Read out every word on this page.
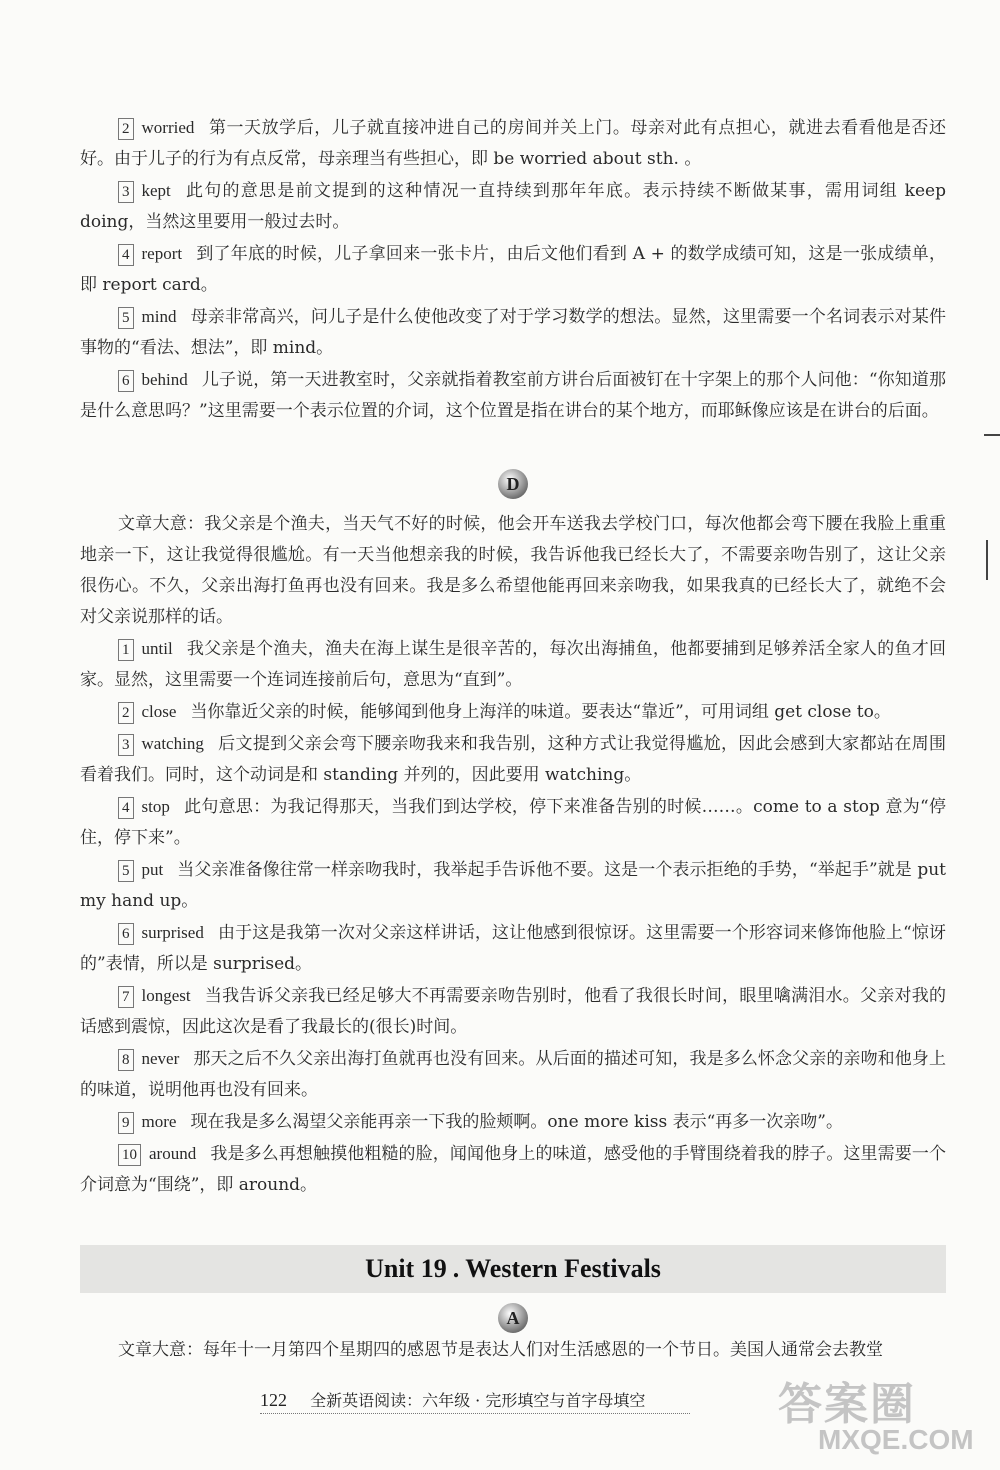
2 worried 第一天放学后，儿子就直接冲进自己的房间并关上门。母亲对此有点担心，就进去看看他是否还好。由于儿子的行为有点反常，母亲理当有些担心，即 be worried about sth. 。

3 kept 此句的意思是前文提到的这种情况一直持续到那年年底。表示持续不断做某事，需用词组 keep doing，当然这里要用一般过去时。

4 report 到了年底的时候，儿子拿回来一张卡片，由后文他们看到 A + 的数学成绩可知，这是一张成绩单，即 report card。

5 mind 母亲非常高兴，问儿子是什么使他改变了对于学习数学的想法。显然，这里需要一个名词表示对某件事物的“看法、想法”，即 mind。

6 behind 儿子说，第一天进教室时，父亲就指着教室前方讲台后面被钉在十字架上的那个人问他：“你知道那是什么意思吗？”这里需要一个表示位置的介词，这个位置是指在讲台的某个地方，而耶稣像应该是在讲台的后面。

D

文章大意：我父亲是个渔夫，当天气不好的时候，他会开车送我去学校门口，每次他都会弯下腰在我脸上重重地亲一下，这让我觉得很尴尬。有一天当他想亲我的时候，我告诉他我已经长大了，不需要亲吻告别了，这让父亲很伤心。不久，父亲出海打鱼再也没有回来。我是多么希望他能再回来亲吻我，如果我真的已经长大了，就绝不会对父亲说那样的话。

1 until 我父亲是个渔夫，渔夫在海上谋生是很辛苦的，每次出海捕鱼，他都要捕到足够养活全家人的鱼才回家。显然，这里需要一个连词连接前后句，意思为“直到”。

2 close 当你靠近父亲的时候，能够闻到他身上海洋的味道。要表达“靠近”，可用词组 get close to。

3 watching 后文提到父亲会弯下腰亲吻我来和我告别，这种方式让我觉得尴尬，因此会感到大家都站在周围看着我们。同时，这个动词是和 standing 并列的，因此要用 watching。

4 stop 此句意思：为我记得那天，当我们到达学校，停下来准备告别的时候……。come to a stop 意为“停住，停下来”。

5 put 当父亲准备像往常一样亲吻我时，我举起手告诉他不要。这是一个表示拒绝的手势，“举起手”就是 put my hand up。

6 surprised 由于这是我第一次对父亲这样讲话，这让他感到很惊讶。这里需要一个形容词来修饰他脸上“惊讶的”表情，所以是 surprised。

7 longest 当我告诉父亲我已经足够大不再需要亲吻告别时，他看了我很长时间，眼里噙满泪水。父亲对我的话感到震惊，因此这次是看了我最长的(很长)时间。

8 never 那天之后不久父亲出海打鱼就再也没有回来。从后面的描述可知，我是多么怀念父亲的亲吻和他身上的味道，说明他再也没有回来。

9 more 现在我是多么渴望父亲能再亲一下我的脸颊啊。one more kiss 表示“再多一次亲吻”。

10 around 我是多么再想触摸他粗糙的脸，闻闻他身上的味道，感受他的手臂围绕着我的脖子。这里需要一个介词意为“围绕”，即 around。

Unit 19 . Western Festivals
A

文章大意：每年十一月第四个星期四的感恩节是表达人们对生活感恩的一个节日。美国人通常会去教堂

122 全新英语阅读：六年级 · 完形填空与首字母填空	答案圈
MXQE.COM
